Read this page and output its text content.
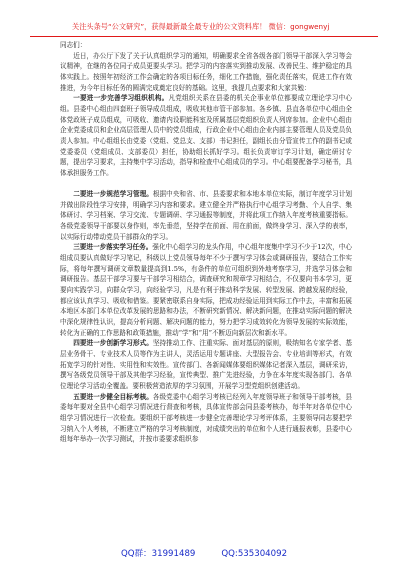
关注头条号“公文研究”，获得最新最全最专业的公文资料库！ 微信：gongwenyj

同志们：

近日，办公厅下发了关于认真组织学习的通知，明确要求全省各级各部门领导干部深入学习等会议精神，在继的各位同子成员更要头学习。把学习的内容落实到推动发展、改善民生、维护稳定的具体实践上。按照年初经济工作会确定的各项目标任务，细化工作措施，强化责任落实，促进工作有效推进，为今年目标任务的圆满完成奠定良好的基础。这里，我提几点要求和大家共勉：

一要进一步完善学习组织机构。凡党组织关系在县委的机关企事业单位都要成立理论学习中心组。县委中心组由四套班子领导成员组成，吸收其他市管干部参加。各乡镇、县直各单位中心组由全体党政班子成员组成，可吸收、邀请内设职能科室及所属基层党组织负责人列席参加。企业中心组由企业党委成员和企业高层管理人员中的党员组成，行政企业中心组由企业内部主要管理人员及党员负责人参加。中心组组长由党委（党组、党总支、支部）书记担任，副组长由分管宣传工作的副书记或党委委员（党组成员、支部委员）担任，协助组长抓好学习。组长负责审订学习计划，确定研讨专题，提出学习要求，主持集中学习活动，指导和检查中心组成员的学习。中心组要配备学习秘书，具体承担服务工作。

二要进一步规范学习管理。根据中央和省、市、县委要求和本地本单位实际，制订年度学习计划并做出阶段性学习安排，明确学习内容和要求。建立健全并严格执行中心组学习考勤、个人自学、集体研讨、学习档案、学习交流、专题调研、学习通报等制度，并将此项工作纳入年度考核重要指标。各级党委领导干部要以身作则，率先垂范，坚持学在前面、用在前面，做终身学习、深入学的表率，以实际行动带动党员干部群众的学习。

三要进一步落实学习任务。强化中心组学习的龙头作用，中心组年度集中学习不少于12次，中心组成员要认真做好学习笔记，科级以上党员领导每年不少于撰写学习体会或调研报告，要结合工作实际，将每年撰写调研文章数量提高到1.5%，有条件的单位可组织到外地考察学习，并选学习体会和调研报告。基层干部学习要与干部学习相结合，调查研究和规章学习相结合，不仅要向书本学习，更要向实践学习，向群众学习，向经验学习，凡是有利于推动科学发展、转型发展、跨越发展的经验，都应该认真学习、吸收和借鉴。要紧密联系自身实际，把成功经验运用到实际工作中去，丰富和拓展本地区本部门本单位改革发展的思路和办法，不断研究新情况、解决新问题，在推动实际问题的解决中深化规律性认识，提高分析问题、解决问题的能力，努力把学习成效转化为领导发展的实际效能，转化为正确的工作思路和政策措施，推动“学”和“用”不断迈向新层次和新水平。

四要进一步创新学习形式。坚持推动工作、注重实际、面对基层的原则，吸纳知名专家学者、基层业务骨干、专业技术人员等作为主讲人，灵活运用专题讲座、大型报告会、专业培训等形式，有效拓宽学习的针对性、实用性和实效性。宣传部门、各新闻媒体要组织媒体记者深入基层，调研采访，撰写各级党员领导干部及其他学习经验，宣传典型、推广先进经验，力争在本年度实现各部门、各单位理论学习活动全覆盖。要积极营造浓厚的学习氛围，开展学习型党组织创建活动。

五要进一步健全目标考核。各级党委中心组学习考核已经列入年度领导班子和领导干部考核，县委每年要对全县中心组学习情况进行督查和考核，具体宣传部会同县委考核办，每半年对各单位中心组学习情况进行一次检查。要组织干部考核进一步健全完善理论学习考评体系，主要领导同志要把学习纳入个人考核，不断建立严格的学习考核制度，对成绩突出的单位和个人进行通报表彰，县委中心组每年举办一次学习测试，并按市委要求组织参

QQ群：31991489	QQ:535304092
